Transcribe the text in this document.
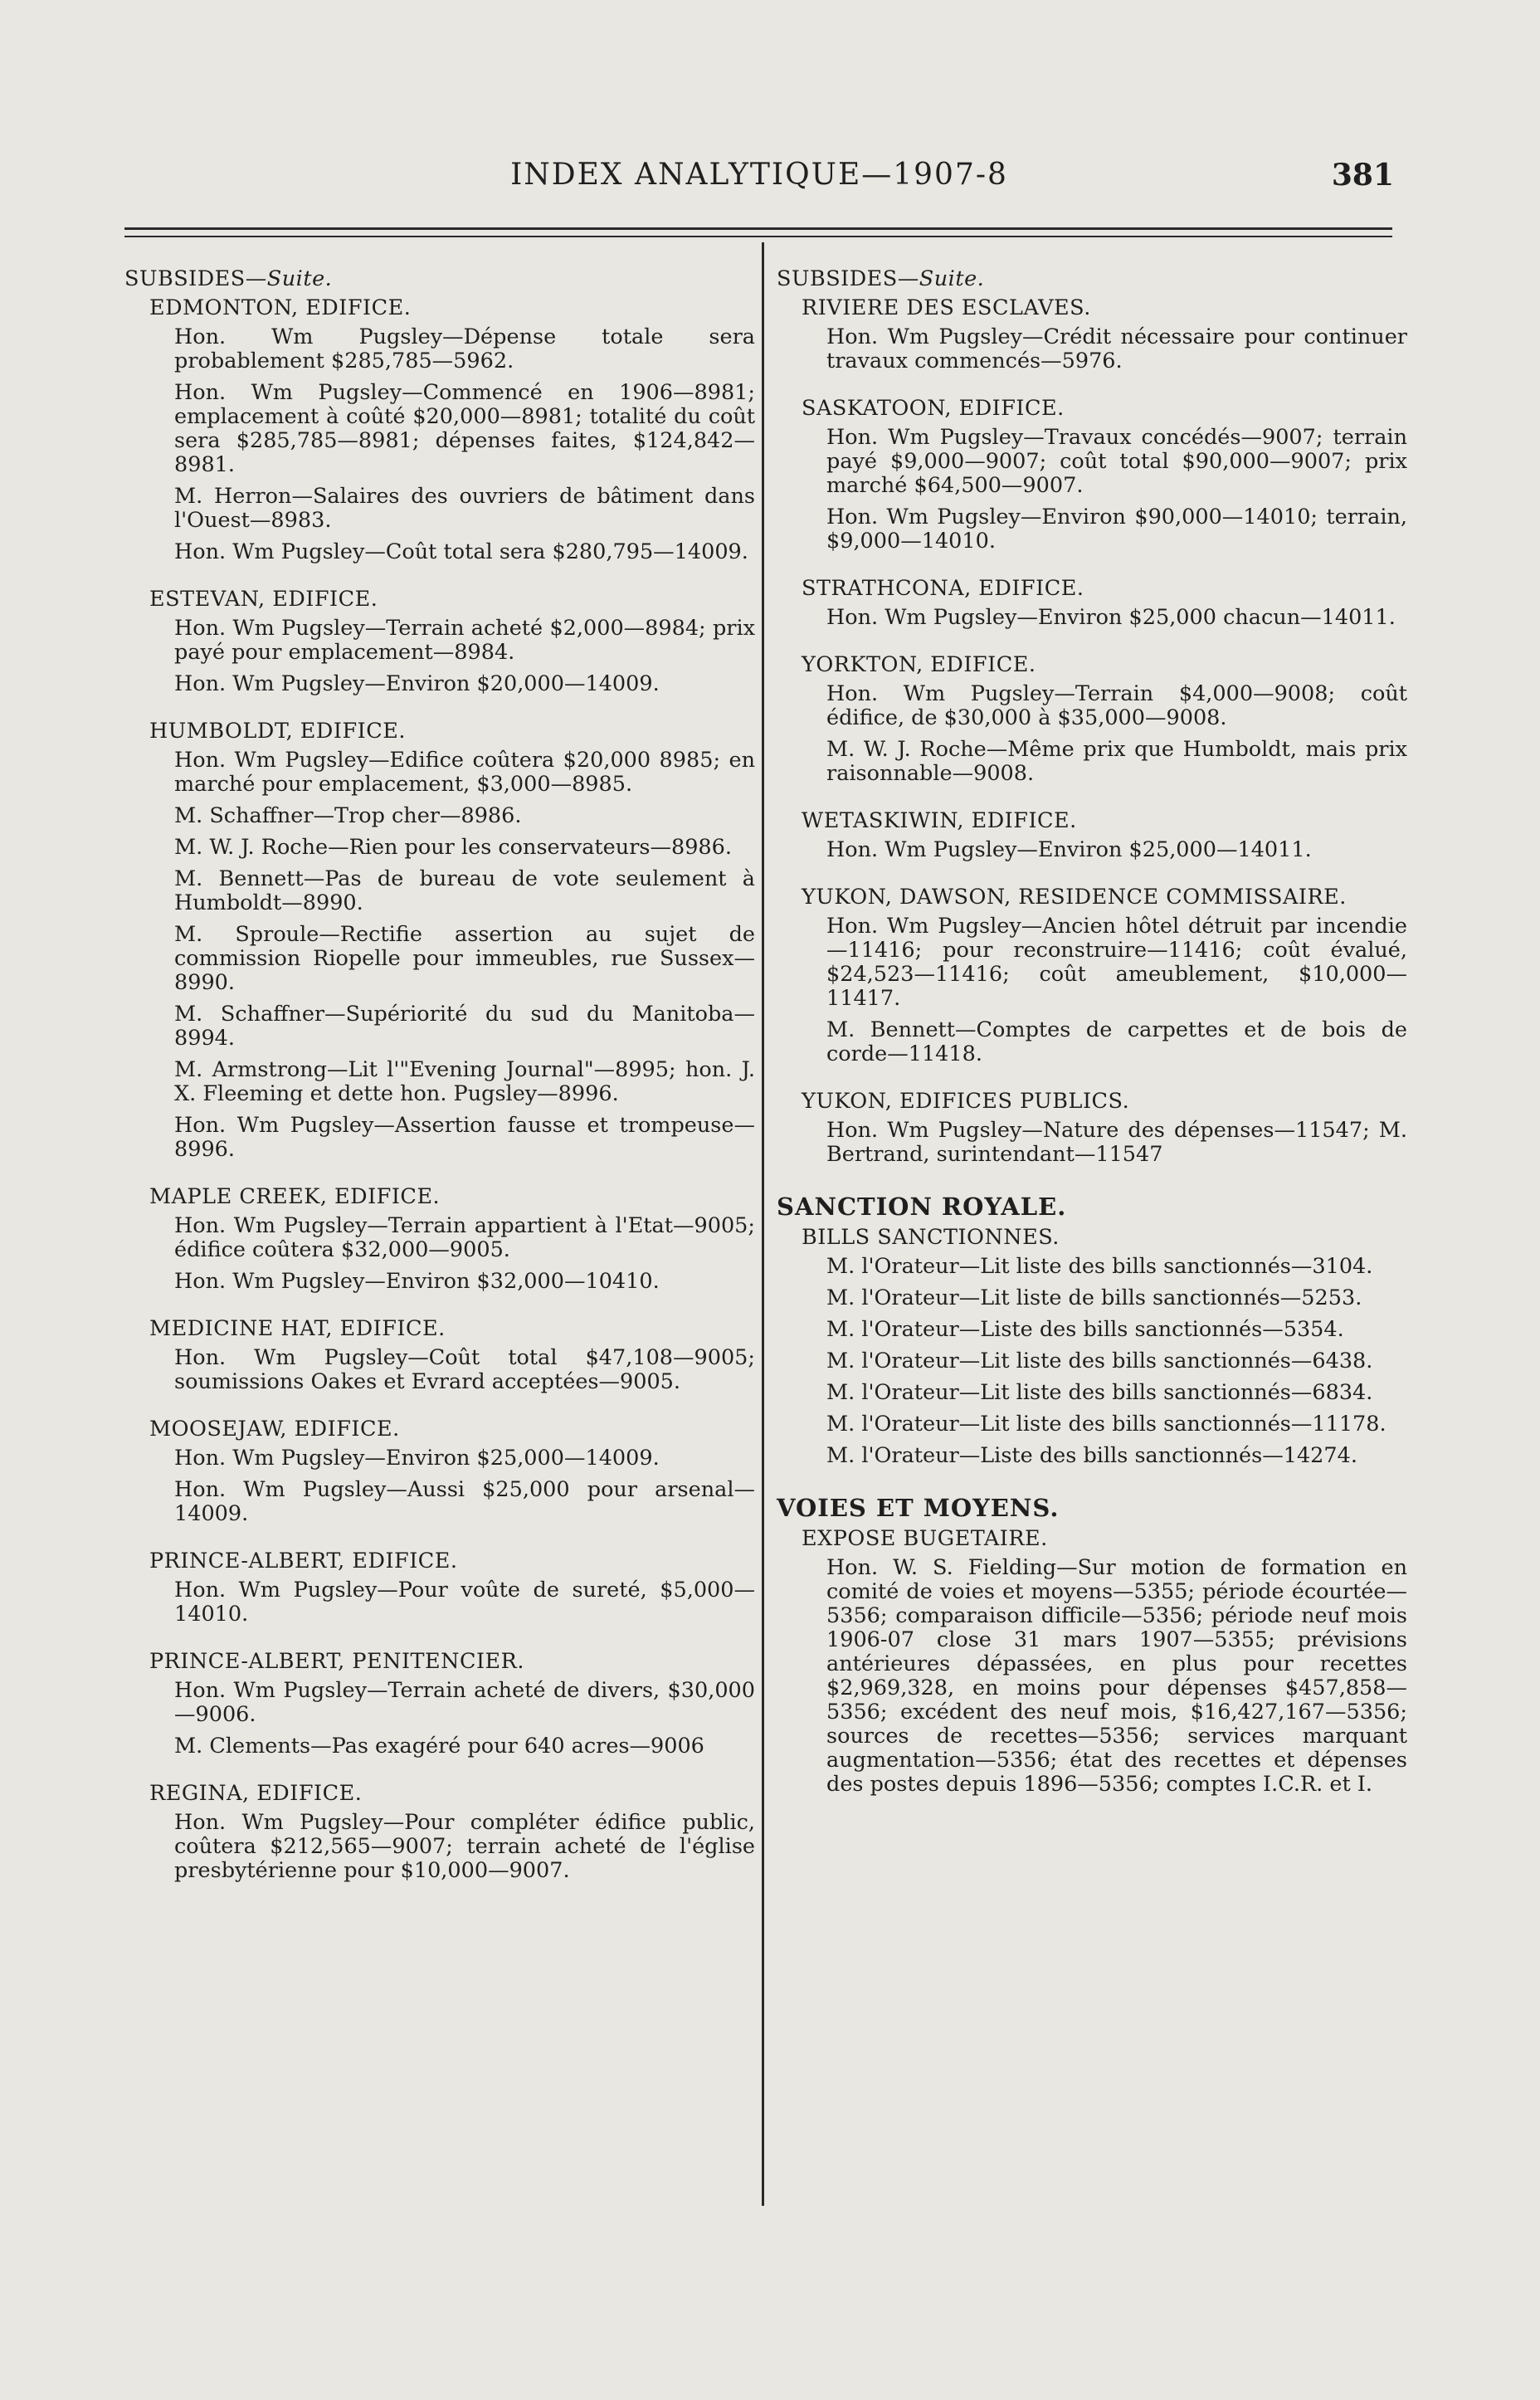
INDEX ANALYTIQUE—1907-8	381

SUBSIDES—Suite.

EDMONTON, EDIFICE.

Hon. Wm Pugsley—Dépense totale sera probablement $285,785—5962.

Hon. Wm Pugsley—Commencé en 1906—8981; emplacement à coûté $20,000—8981; totalité du coût sera $285,785—8981; dépenses faites, $124,842—8981.

M. Herron—Salaires des ouvriers de bâtiment dans l'Ouest—8983.

Hon. Wm Pugsley—Coût total sera $280,795—14009.

ESTEVAN, EDIFICE.

Hon. Wm Pugsley—Terrain acheté $2,000—8984; prix payé pour emplacement—8984.

Hon. Wm Pugsley—Environ $20,000—14009.

HUMBOLDT, EDIFICE.

Hon. Wm Pugsley—Edifice coûtera $20,000 8985; en marché pour emplacement, $3,000—8985.

M. Schaffner—Trop cher—8986.

M. W. J. Roche—Rien pour les conservateurs—8986.

M. Bennett—Pas de bureau de vote seulement à Humboldt—8990.

M. Sproule—Rectifie assertion au sujet de commission Riopelle pour immeubles, rue Sussex—8990.

M. Schaffner—Supériorité du sud du Manitoba—8994.

M. Armstrong—Lit l'"Evening Journal"—8995; hon. J. X. Fleeming et dette hon. Pugsley—8996.

Hon. Wm Pugsley—Assertion fausse et trompeuse—8996.

MAPLE CREEK, EDIFICE.

Hon. Wm Pugsley—Terrain appartient à l'Etat—9005; édifice coûtera $32,000—9005.

Hon. Wm Pugsley—Environ $32,000—10410.

MEDICINE HAT, EDIFICE.

Hon. Wm Pugsley—Coût total $47,108—9005; soumissions Oakes et Evrard acceptées—9005.

MOOSEJAW, EDIFICE.

Hon. Wm Pugsley—Environ $25,000—14009.

Hon. Wm Pugsley—Aussi $25,000 pour arsenal—14009.

PRINCE-ALBERT, EDIFICE.

Hon. Wm Pugsley—Pour voûte de sureté, $5,000—14010.

PRINCE-ALBERT, PENITENCIER.

Hon. Wm Pugsley—Terrain acheté de divers, $30,000—9006.

M. Clements—Pas exagéré pour 640 acres—9006

REGINA, EDIFICE.

Hon. Wm Pugsley—Pour compléter édifice public, coûtera $212,565—9007; terrain acheté de l'église presbytérienne pour $10,000—9007.

SUBSIDES—Suite.

RIVIERE DES ESCLAVES.

Hon. Wm Pugsley—Crédit nécessaire pour continuer travaux commencés—5976.

SASKATOON, EDIFICE.

Hon. Wm Pugsley—Travaux concédés—9007; terrain payé $9,000—9007; coût total $90,000—9007; prix marché $64,500—9007.

Hon. Wm Pugsley—Environ $90,000—14010; terrain, $9,000—14010.

STRATHCONA, EDIFICE.

Hon. Wm Pugsley—Environ $25,000 chacun—14011.

YORKTON, EDIFICE.

Hon. Wm Pugsley—Terrain $4,000—9008; coût édifice, de $30,000 à $35,000—9008.

M. W. J. Roche—Même prix que Humboldt, mais prix raisonnable—9008.

WETASKIWIN, EDIFICE.

Hon. Wm Pugsley—Environ $25,000—14011.

YUKON, DAWSON, RESIDENCE COMMISSAIRE.

Hon. Wm Pugsley—Ancien hôtel détruit par incendie—11416; pour reconstruire—11416; coût évalué, $24,523—11416; coût ameublement, $10,000—11417.

M. Bennett—Comptes de carpettes et de bois de corde—11418.

YUKON, EDIFICES PUBLICS.

Hon. Wm Pugsley—Nature des dépenses—11547; M. Bertrand, surintendant—11547

SANCTION ROYALE.

BILLS SANCTIONNES.

M. l'Orateur—Lit liste des bills sanctionnés—3104.

M. l'Orateur—Lit liste de bills sanctionnés—5253.

M. l'Orateur—Liste des bills sanctionnés—5354.

M. l'Orateur—Lit liste des bills sanctionnés—6438.

M. l'Orateur—Lit liste des bills sanctionnés—6834.

M. l'Orateur—Lit liste des bills sanctionnés—11178.

M. l'Orateur—Liste des bills sanctionnés—14274.

VOIES ET MOYENS.

EXPOSE BUGETAIRE.

Hon. W. S. Fielding—Sur motion de formation en comité de voies et moyens—5355; période écourtée—5356; comparaison difficile—5356; période neuf mois 1906-07 close 31 mars 1907—5355; prévisions antérieures dépassées, en plus pour recettes $2,969,328, en moins pour dépenses $457,858—5356; excédent des neuf mois, $16,427,167—5356; sources de recettes—5356; services marquant augmentation—5356; état des recettes et dépenses des postes depuis 1896—5356; comptes I.C.R. et I.
